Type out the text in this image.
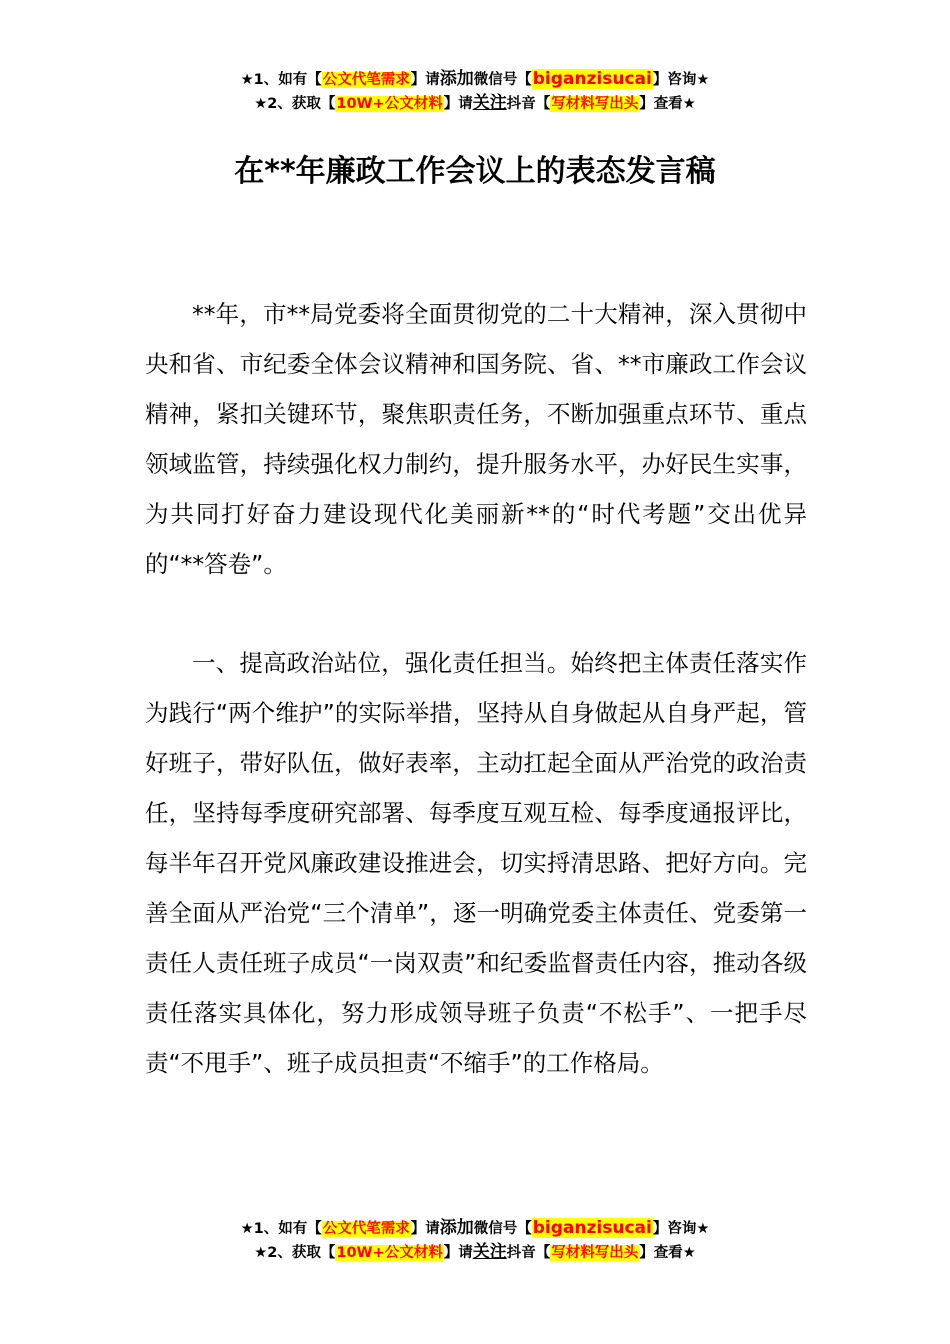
★1、如有【公文代笔需求】请添加微信号【biganzisucai】咨询★
★2、获取【10W+公文材料】请关注抖音【写材料写出头】查看★
在**年廉政工作会议上的表态发言稿

**年，市**局党委将全面贯彻党的二十大精神，深入贯彻中央和省、市纪委全体会议精神和国务院、省、**市廉政工作会议精神，紧扣关键环节，聚焦职责任务，不断加强重点环节、重点领域监管，持续强化权力制约，提升服务水平，办好民生实事，为共同打好奋力建设现代化美丽新**的“时代考题”交出优异的“**答卷”。

一、提高政治站位，强化责任担当。始终把主体责任落实作为践行“两个维护”的实际举措，坚持从自身做起从自身严起，管好班子，带好队伍，做好表率，主动扛起全面从严治党的政治责任，坚持每季度研究部署、每季度互观互检、每季度通报评比，每半年召开党风廉政建设推进会，切实捋清思路、把好方向。完善全面从严治党“三个清单”，逐一明确党委主体责任、党委第一责任人责任班子成员“一岗双责”和纪委监督责任内容，推动各级责任落实具体化，努力形成领导班子负责“不松手”、一把手尽责“不甩手”、班子成员担责“不缩手”的工作格局。

★1、如有【公文代笔需求】请添加微信号【biganzisucai】咨询★
★2、获取【10W+公文材料】请关注抖音【写材料写出头】查看★
